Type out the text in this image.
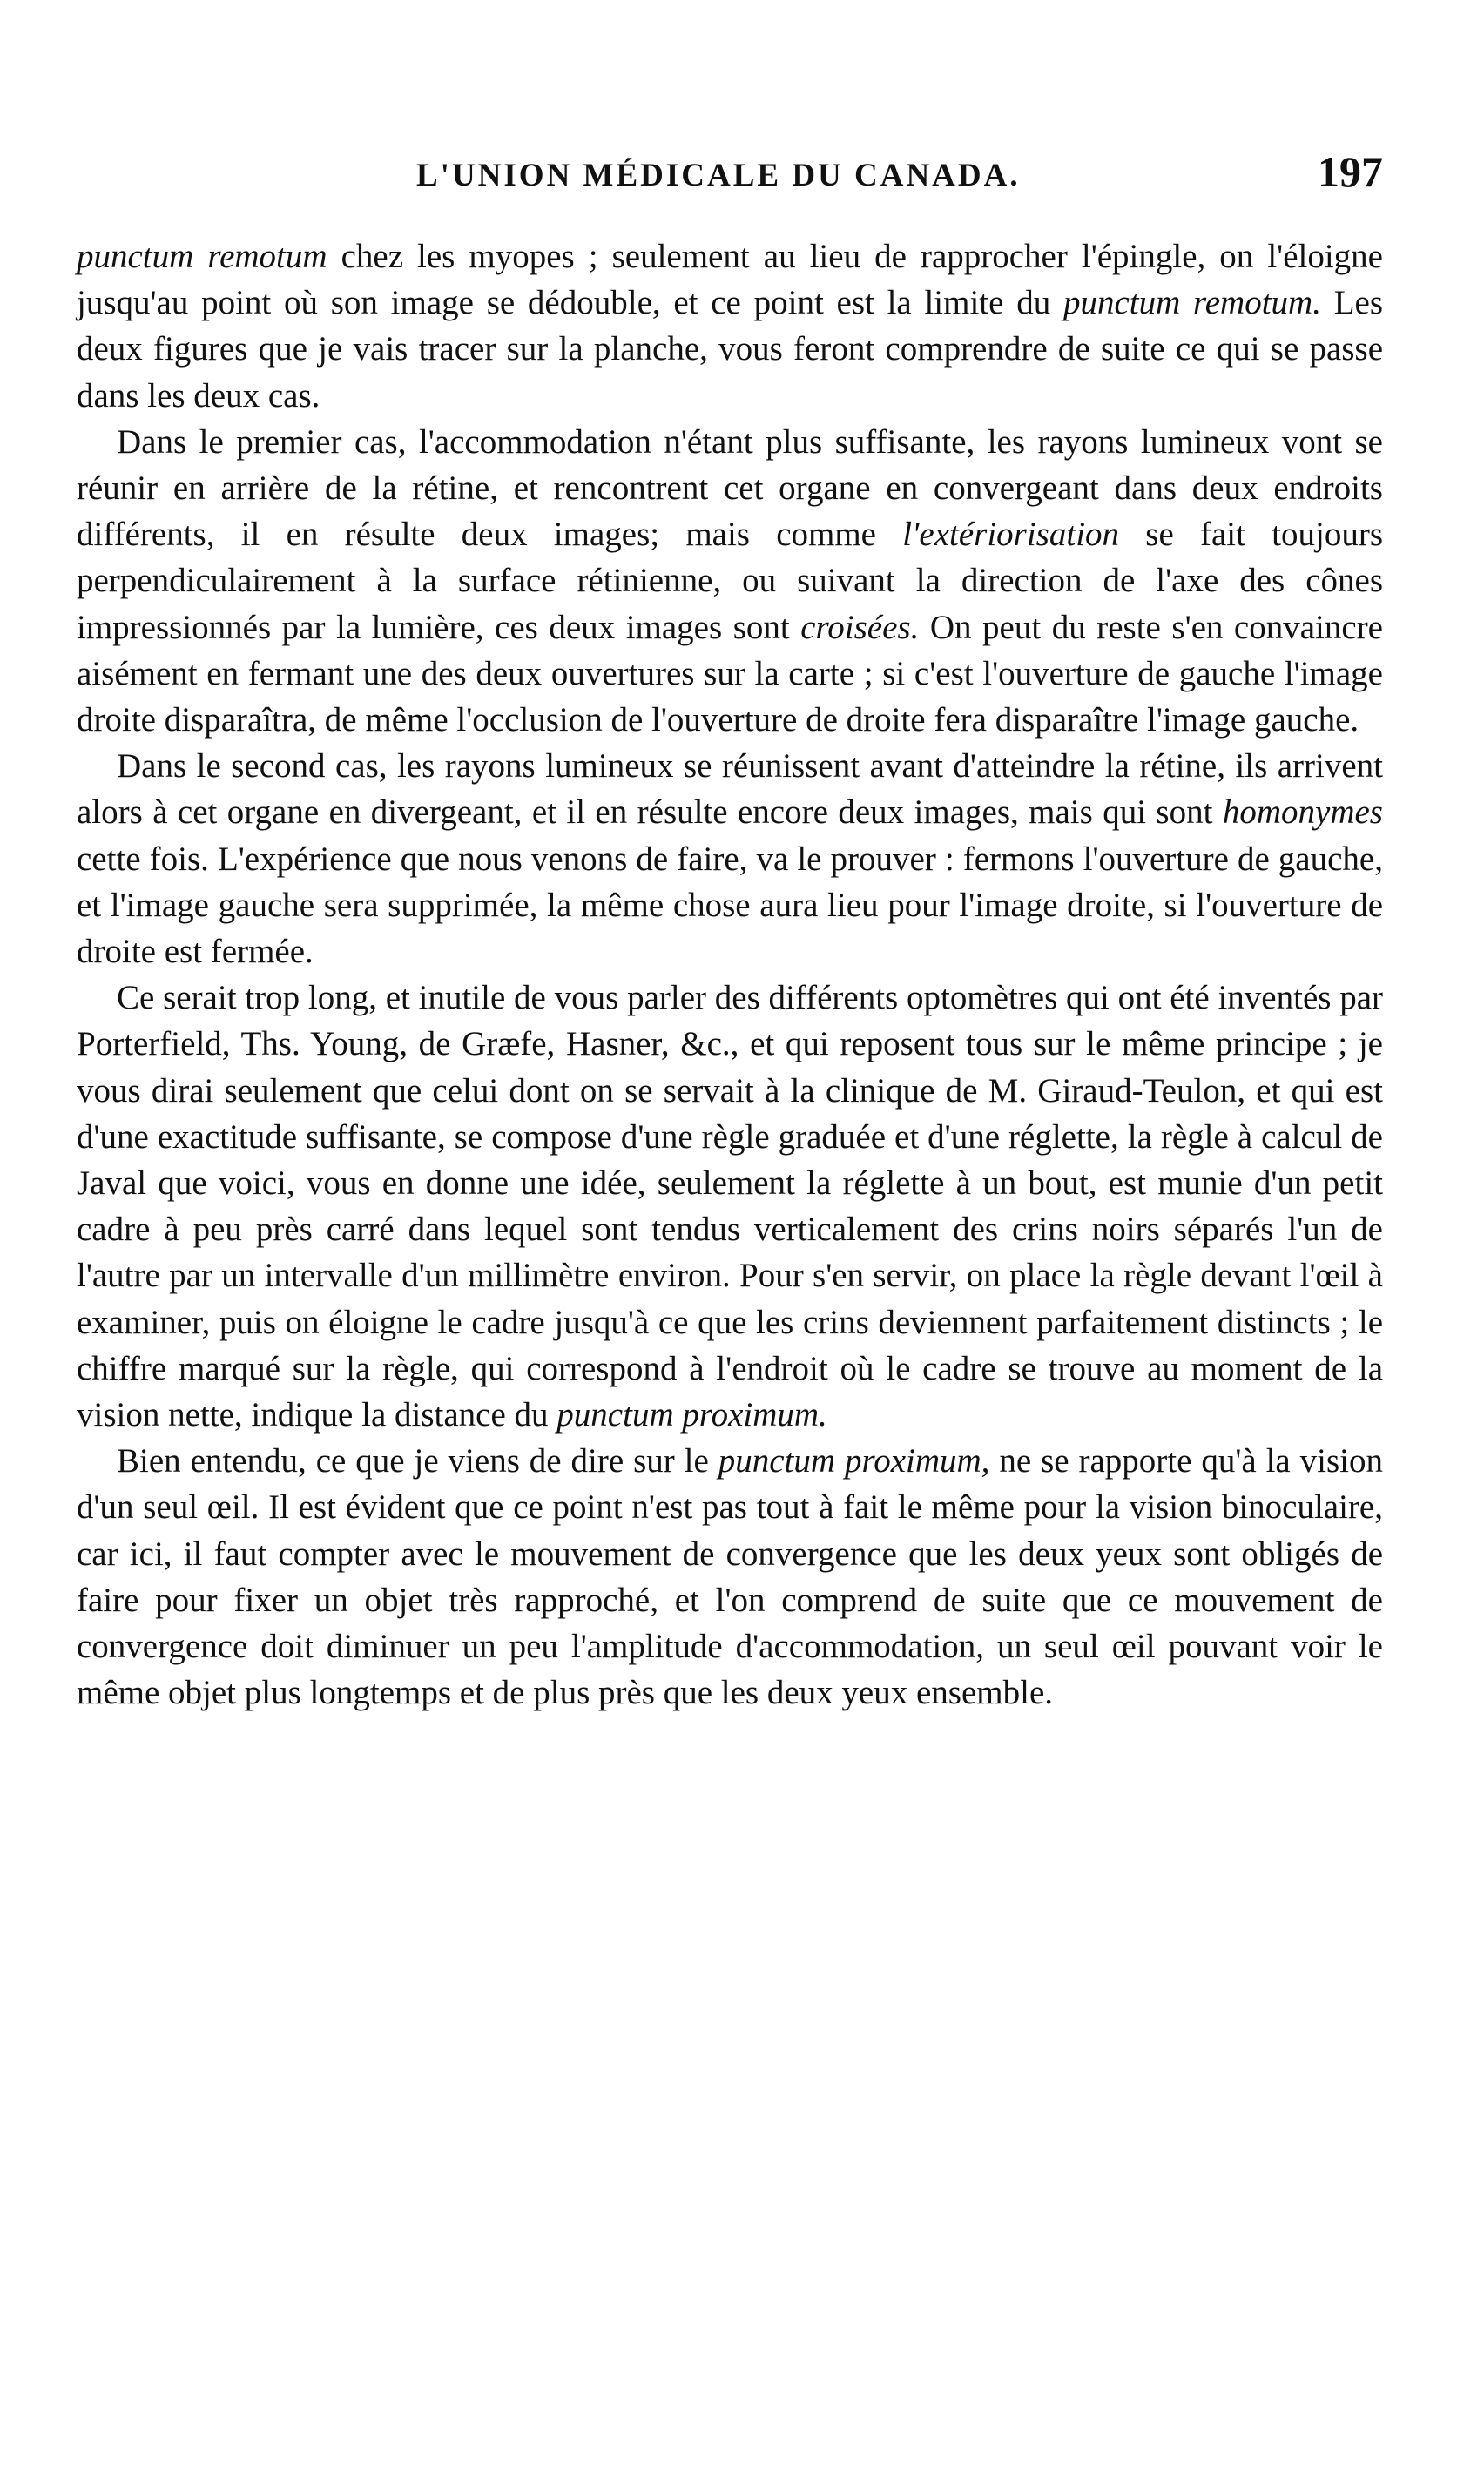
L'UNION MÉDICALE DU CANADA.	197

punctum remotum chez les myopes ; seulement au lieu de rapprocher l'épingle, on l'éloigne jusqu'au point où son image se dédouble, et ce point est la limite du punctum remotum. Les deux figures que je vais tracer sur la planche, vous feront comprendre de suite ce qui se passe dans les deux cas.

Dans le premier cas, l'accommodation n'étant plus suffisante, les rayons lumineux vont se réunir en arrière de la rétine, et rencontrent cet organe en convergeant dans deux endroits différents, il en résulte deux images; mais comme l'extériorisation se fait toujours perpendiculairement à la surface rétinienne, ou suivant la direction de l'axe des cônes impressionnés par la lumière, ces deux images sont croisées. On peut du reste s'en convaincre aisément en fermant une des deux ouvertures sur la carte ; si c'est l'ouverture de gauche l'image droite disparaîtra, de même l'occlusion de l'ouverture de droite fera disparaître l'image gauche.

Dans le second cas, les rayons lumineux se réunissent avant d'atteindre la rétine, ils arrivent alors à cet organe en divergeant, et il en résulte encore deux images, mais qui sont homonymes cette fois. L'expérience que nous venons de faire, va le prouver : fermons l'ouverture de gauche, et l'image gauche sera supprimée, la même chose aura lieu pour l'image droite, si l'ouverture de droite est fermée.

Ce serait trop long, et inutile de vous parler des différents optomètres qui ont été inventés par Porterfield, Ths. Young, de Græfe, Hasner, &c., et qui reposent tous sur le même principe ; je vous dirai seulement que celui dont on se servait à la clinique de M. Giraud-Teulon, et qui est d'une exactitude suffisante, se compose d'une règle graduée et d'une réglette, la règle à calcul de Javal que voici, vous en donne une idée, seulement la réglette à un bout, est munie d'un petit cadre à peu près carré dans lequel sont tendus verticalement des crins noirs séparés l'un de l'autre par un intervalle d'un millimètre environ. Pour s'en servir, on place la règle devant l'œil à examiner, puis on éloigne le cadre jusqu'à ce que les crins deviennent parfaitement distincts ; le chiffre marqué sur la règle, qui correspond à l'endroit où le cadre se trouve au moment de la vision nette, indique la distance du punctum proximum.

Bien entendu, ce que je viens de dire sur le punctum proximum, ne se rapporte qu'à la vision d'un seul œil. Il est évident que ce point n'est pas tout à fait le même pour la vision binoculaire, car ici, il faut compter avec le mouvement de convergence que les deux yeux sont obligés de faire pour fixer un objet très rapproché, et l'on comprend de suite que ce mouvement de convergence doit diminuer un peu l'amplitude d'accommodation, un seul œil pouvant voir le même objet plus longtemps et de plus près que les deux yeux ensemble.
